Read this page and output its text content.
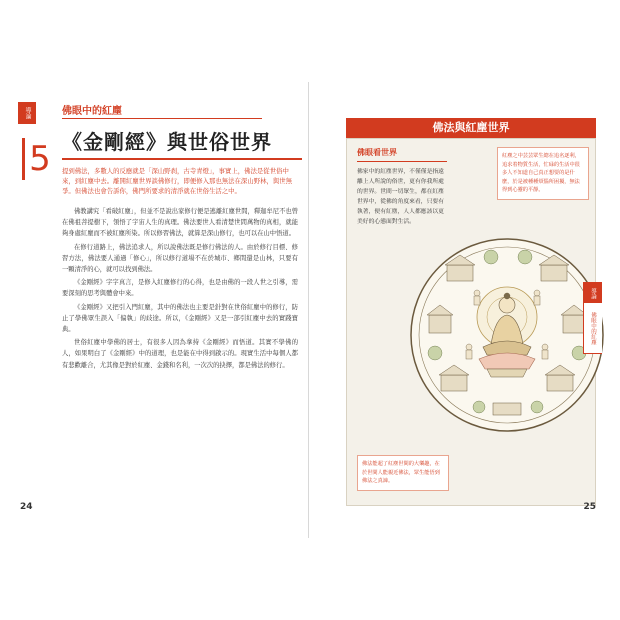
導論
5
佛眼中的紅塵
《金剛經》與世俗世界
提到佛法，多數人的反應就是「深山野刹，古寺青燈」，事實上，佛法是從世俗中來，到紅塵中去。離開紅塵世界談佛修行，即便修入那也無法在深山野林，與世無爭。但佛法也會告訴你，佛門所要求的清淨就在世俗生活之中。

佛教講究「看破紅塵」，但並不是說出家修行便是逃離紅塵世間，釋迦牟尼不也曾在佛祖菩提樹下，領悟了宇宙人生的真理。佛法要世人看清楚世間萬物的真相，就能夠身處紅塵而不被紅塵所染。所以修習佛法，就算是深山修行，也可以在山中悟道。

在修行道路上，佛法追求人，所以說佛法既是修行佛法的人。由於修行目標、修習方法，佛法要人通過「修心」，所以修行道場不在於城市、鄉間還是山林，只要有一顆清淨的心，就可以找到佛法。

《金剛經》字字真言，是修入紅塵修行的心得，也是由佛的一段人世之引導，需要深刻的思考與體會中來。

《金剛經》又把引入門紅塵，其中的佛法也主要是針對在世俗紅塵中的修行，防止了學佛眾生誤入「偏執」的歧途。所以，《金剛經》又是一部引紅塵中去的實踐寶典。

世俗紅塵中學佛的居士，有很多人因為拿持《金剛經》而悟道。其實不學佛的人，如果明白了《金剛經》中的道理，也是能在中得到啟示的。現實生活中每個人都有悲歡離合，尤其像是對於紅塵、金錢和名利，一次次的抉擇，都是佛法的修行。

24
佛法與紅塵世界
佛眼看世界
佛家中的紅塵世界，不僅僅是指遠離上人所說的俗世，更有你我所處的世界。世間一切眾生，都在紅塵世界中，從佛的角度來看，只要有執著，便有紅塵，人人都應該以更美好的心態面對生活。
紅塵之中芸芸眾生總在追名逐利，追求着物質生活，忙碌的生活中很多人不知道自己真正想要的是什麼，於是被種種煩惱所困擾，無法得到心靈的平靜。
佛法能超了紅塵世間的大樂趣，在於世間人能親近佛法，眾生能悟到佛法之真諦。
導論
佛眼中的紅塵
25
